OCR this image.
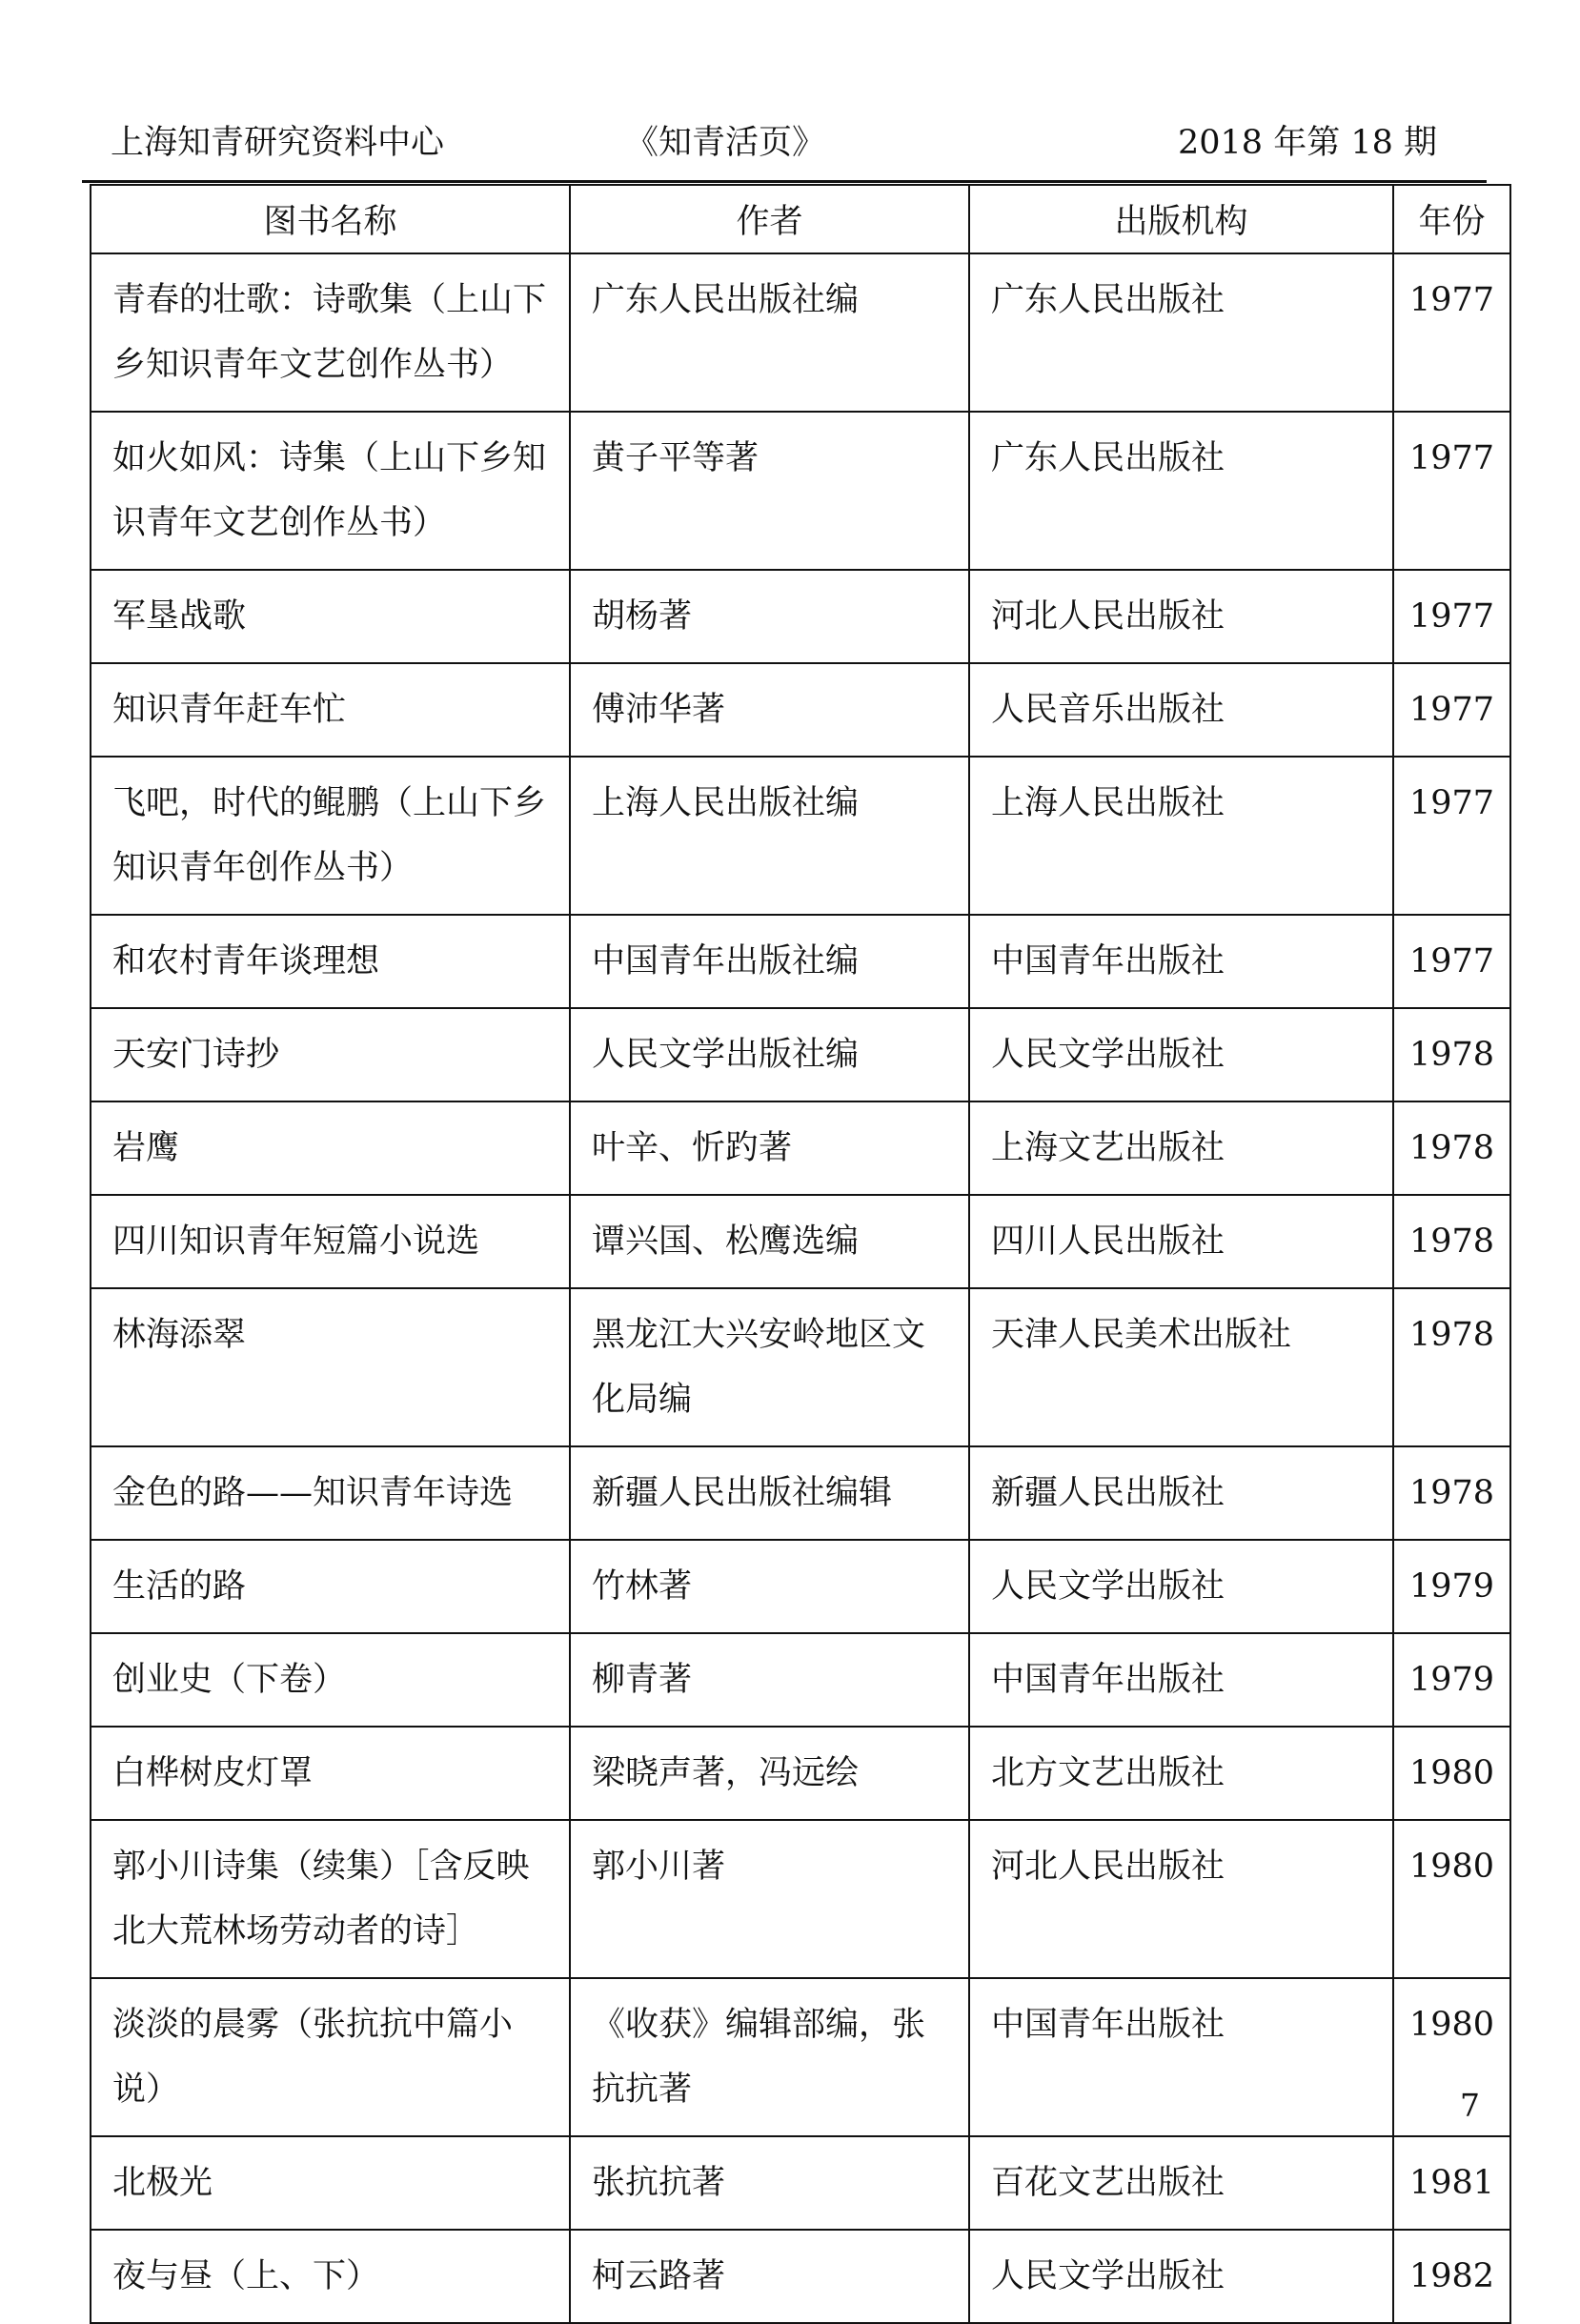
上海知青研究资料中心	《知青活页》	2018 年第 18 期
图书名称	作者	出版机构	年份
青春的壮歌：诗歌集（上山下乡知识青年文艺创作丛书）	广东人民出版社编	广东人民出版社	1977
如火如风：诗集（上山下乡知识青年文艺创作丛书）	黄子平等著	广东人民出版社	1977
军垦战歌	胡杨著	河北人民出版社	1977
知识青年赶车忙	傅沛华著	人民音乐出版社	1977
飞吧，时代的鲲鹏（上山下乡知识青年创作丛书）	上海人民出版社编	上海人民出版社	1977
和农村青年谈理想	中国青年出版社编	中国青年出版社	1977
天安门诗抄	人民文学出版社编	人民文学出版社	1978
岩鹰	叶辛、忻趵著	上海文艺出版社	1978
四川知识青年短篇小说选	谭兴国、松鹰选编	四川人民出版社	1978
林海添翠	黑龙江大兴安岭地区文化局编	天津人民美术出版社	1978
金色的路——知识青年诗选	新疆人民出版社编辑	新疆人民出版社	1978
生活的路	竹林著	人民文学出版社	1979
创业史（下卷）	柳青著	中国青年出版社	1979
白桦树皮灯罩	梁晓声著，冯远绘	北方文艺出版社	1980
郭小川诗集（续集）［含反映北大荒林场劳动者的诗］	郭小川著	河北人民出版社	1980
淡淡的晨雾（张抗抗中篇小说）	《收获》编辑部编，张抗抗著	中国青年出版社	1980
北极光	张抗抗著	百花文艺出版社	1981
夜与昼（上、下）	柯云路著	人民文学出版社	1982
7
